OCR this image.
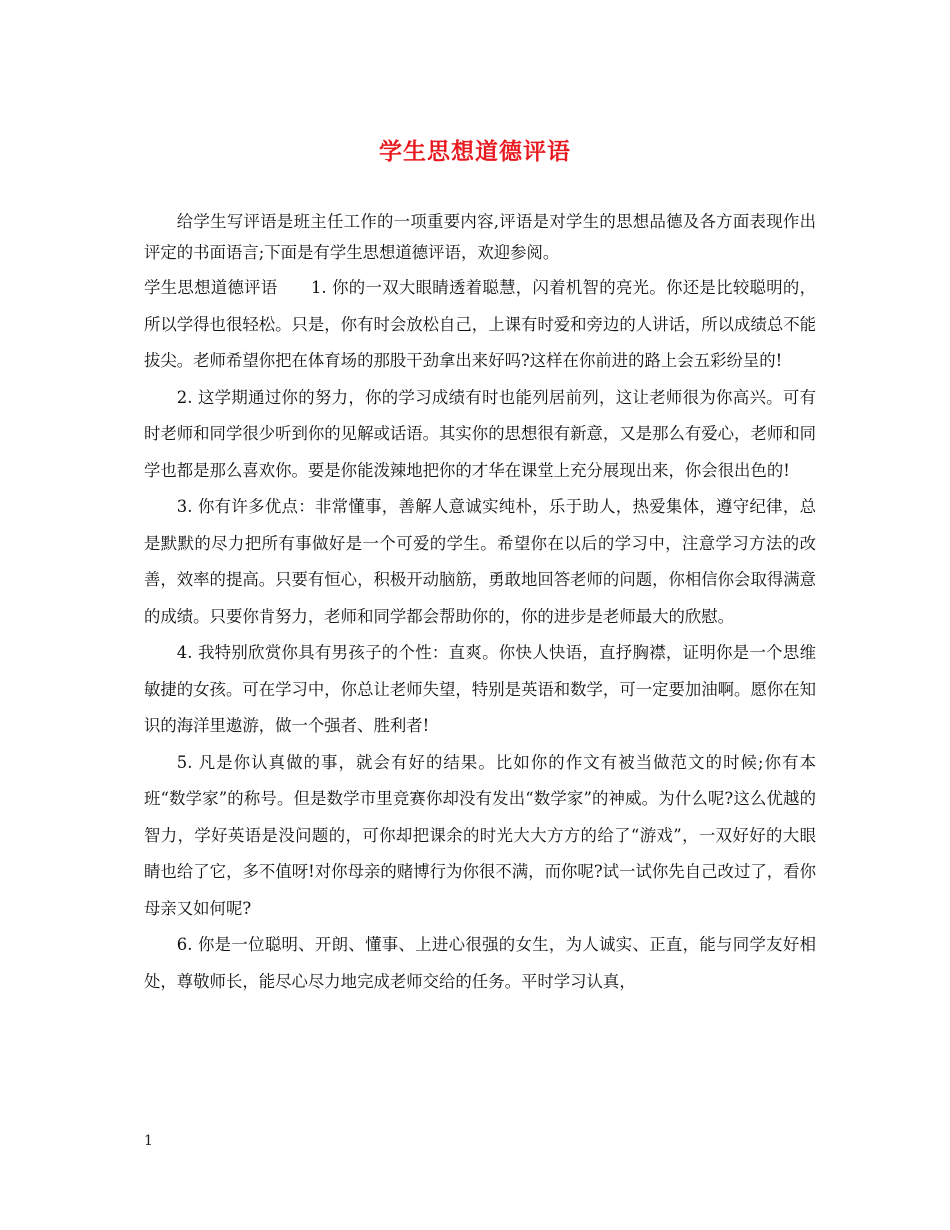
学生思想道德评语

给学生写评语是班主任工作的一项重要内容,评语是对学生的思想品德及各方面表现作出评定的书面语言;下面是有学生思想道德评语，欢迎参阅。

学生思想道德评语　　1. 你的一双大眼睛透着聪慧，闪着机智的亮光。你还是比较聪明的，所以学得也很轻松。只是，你有时会放松自己，上课有时爱和旁边的人讲话，所以成绩总不能拔尖。老师希望你把在体育场的那股干劲拿出来好吗?这样在你前进的路上会五彩纷呈的!

2. 这学期通过你的努力，你的学习成绩有时也能列居前列，这让老师很为你高兴。可有时老师和同学很少听到你的见解或话语。其实你的思想很有新意，又是那么有爱心，老师和同学也都是那么喜欢你。要是你能泼辣地把你的才华在课堂上充分展现出来，你会很出色的!

3. 你有许多优点：非常懂事，善解人意诚实纯朴，乐于助人，热爱集体，遵守纪律，总是默默的尽力把所有事做好是一个可爱的学生。希望你在以后的学习中，注意学习方法的改善，效率的提高。只要有恒心，积极开动脑筋，勇敢地回答老师的问题，你相信你会取得满意的成绩。只要你肯努力，老师和同学都会帮助你的，你的进步是老师最大的欣慰。

4. 我特别欣赏你具有男孩子的个性：直爽。你快人快语，直抒胸襟，证明你是一个思维敏捷的女孩。可在学习中，你总让老师失望，特别是英语和数学，可一定要加油啊。愿你在知识的海洋里遨游，做一个强者、胜利者!

5. 凡是你认真做的事，就会有好的结果。比如你的作文有被当做范文的时候;你有本班“数学家”的称号。但是数学市里竞赛你却没有发出“数学家”的神威。为什么呢?这么优越的智力，学好英语是没问题的，可你却把课余的时光大大方方的给了“游戏”，一双好好的大眼睛也给了它，多不值呀!对你母亲的赌博行为你很不满，而你呢?试一试你先自己改过了，看你母亲又如何呢?

6. 你是一位聪明、开朗、懂事、上进心很强的女生，为人诚实、正直，能与同学友好相处，尊敬师长，能尽心尽力地完成老师交给的任务。平时学习认真，

1
